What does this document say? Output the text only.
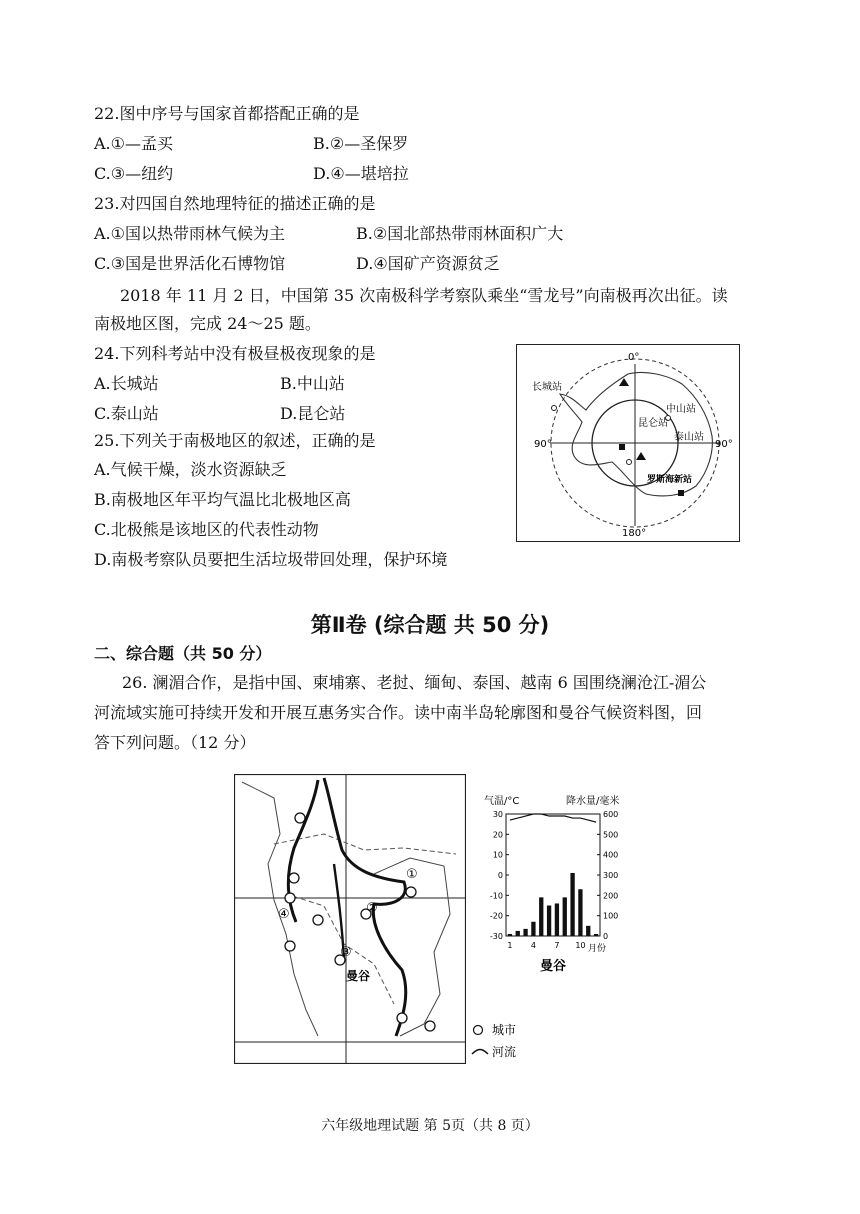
22.图中序号与国家首都搭配正确的是
A.①—孟买	B.②—圣保罗
C.③—纽约	D.④—堪培拉
23.对四国自然地理特征的描述正确的是
A.①国以热带雨林气候为主	B.②国北部热带雨林面积广大
C.③国是世界活化石博物馆	D.④国矿产资源贫乏
2018 年 11 月 2 日，中国第 35 次南极科学考察队乘坐“雪龙号”向南极再次出征。读
南极地区图，完成 24～25 题。
24.下列科考站中没有极昼极夜现象的是
A.长城站	B.中山站
C.泰山站	D.昆仑站
25.下列关于南极地区的叙述，正确的是
A.气候干燥，淡水资源缺乏
B.南极地区年平均气温比北极地区高
C.北极熊是该地区的代表性动物
D.南极考察队员要把生活垃圾带回处理，保护环境
0°
90°	90°
180°
长城站
中山站
昆仑站
泰山站
罗斯海新站
第Ⅱ卷 (综合题 共 50 分)
二、综合题（共 50 分）
26. 澜湄合作，是指中国、柬埔寨、老挝、缅甸、泰国、越南 6 国围绕澜沧江-湄公
河流域实施可持续开发和开展互惠务实合作。读中南半岛轮廓图和曼谷气候资料图，回
答下列问题。（12 分）
①
②
③
④
曼谷
城市
河流
气温/°C	降水量/毫米
30
20
10
0
-10
-20
-30
600
500
400
300
200
100
0
1 4 7 10 月份
曼谷
六年级地理试题 第 5页（共 8 页）
